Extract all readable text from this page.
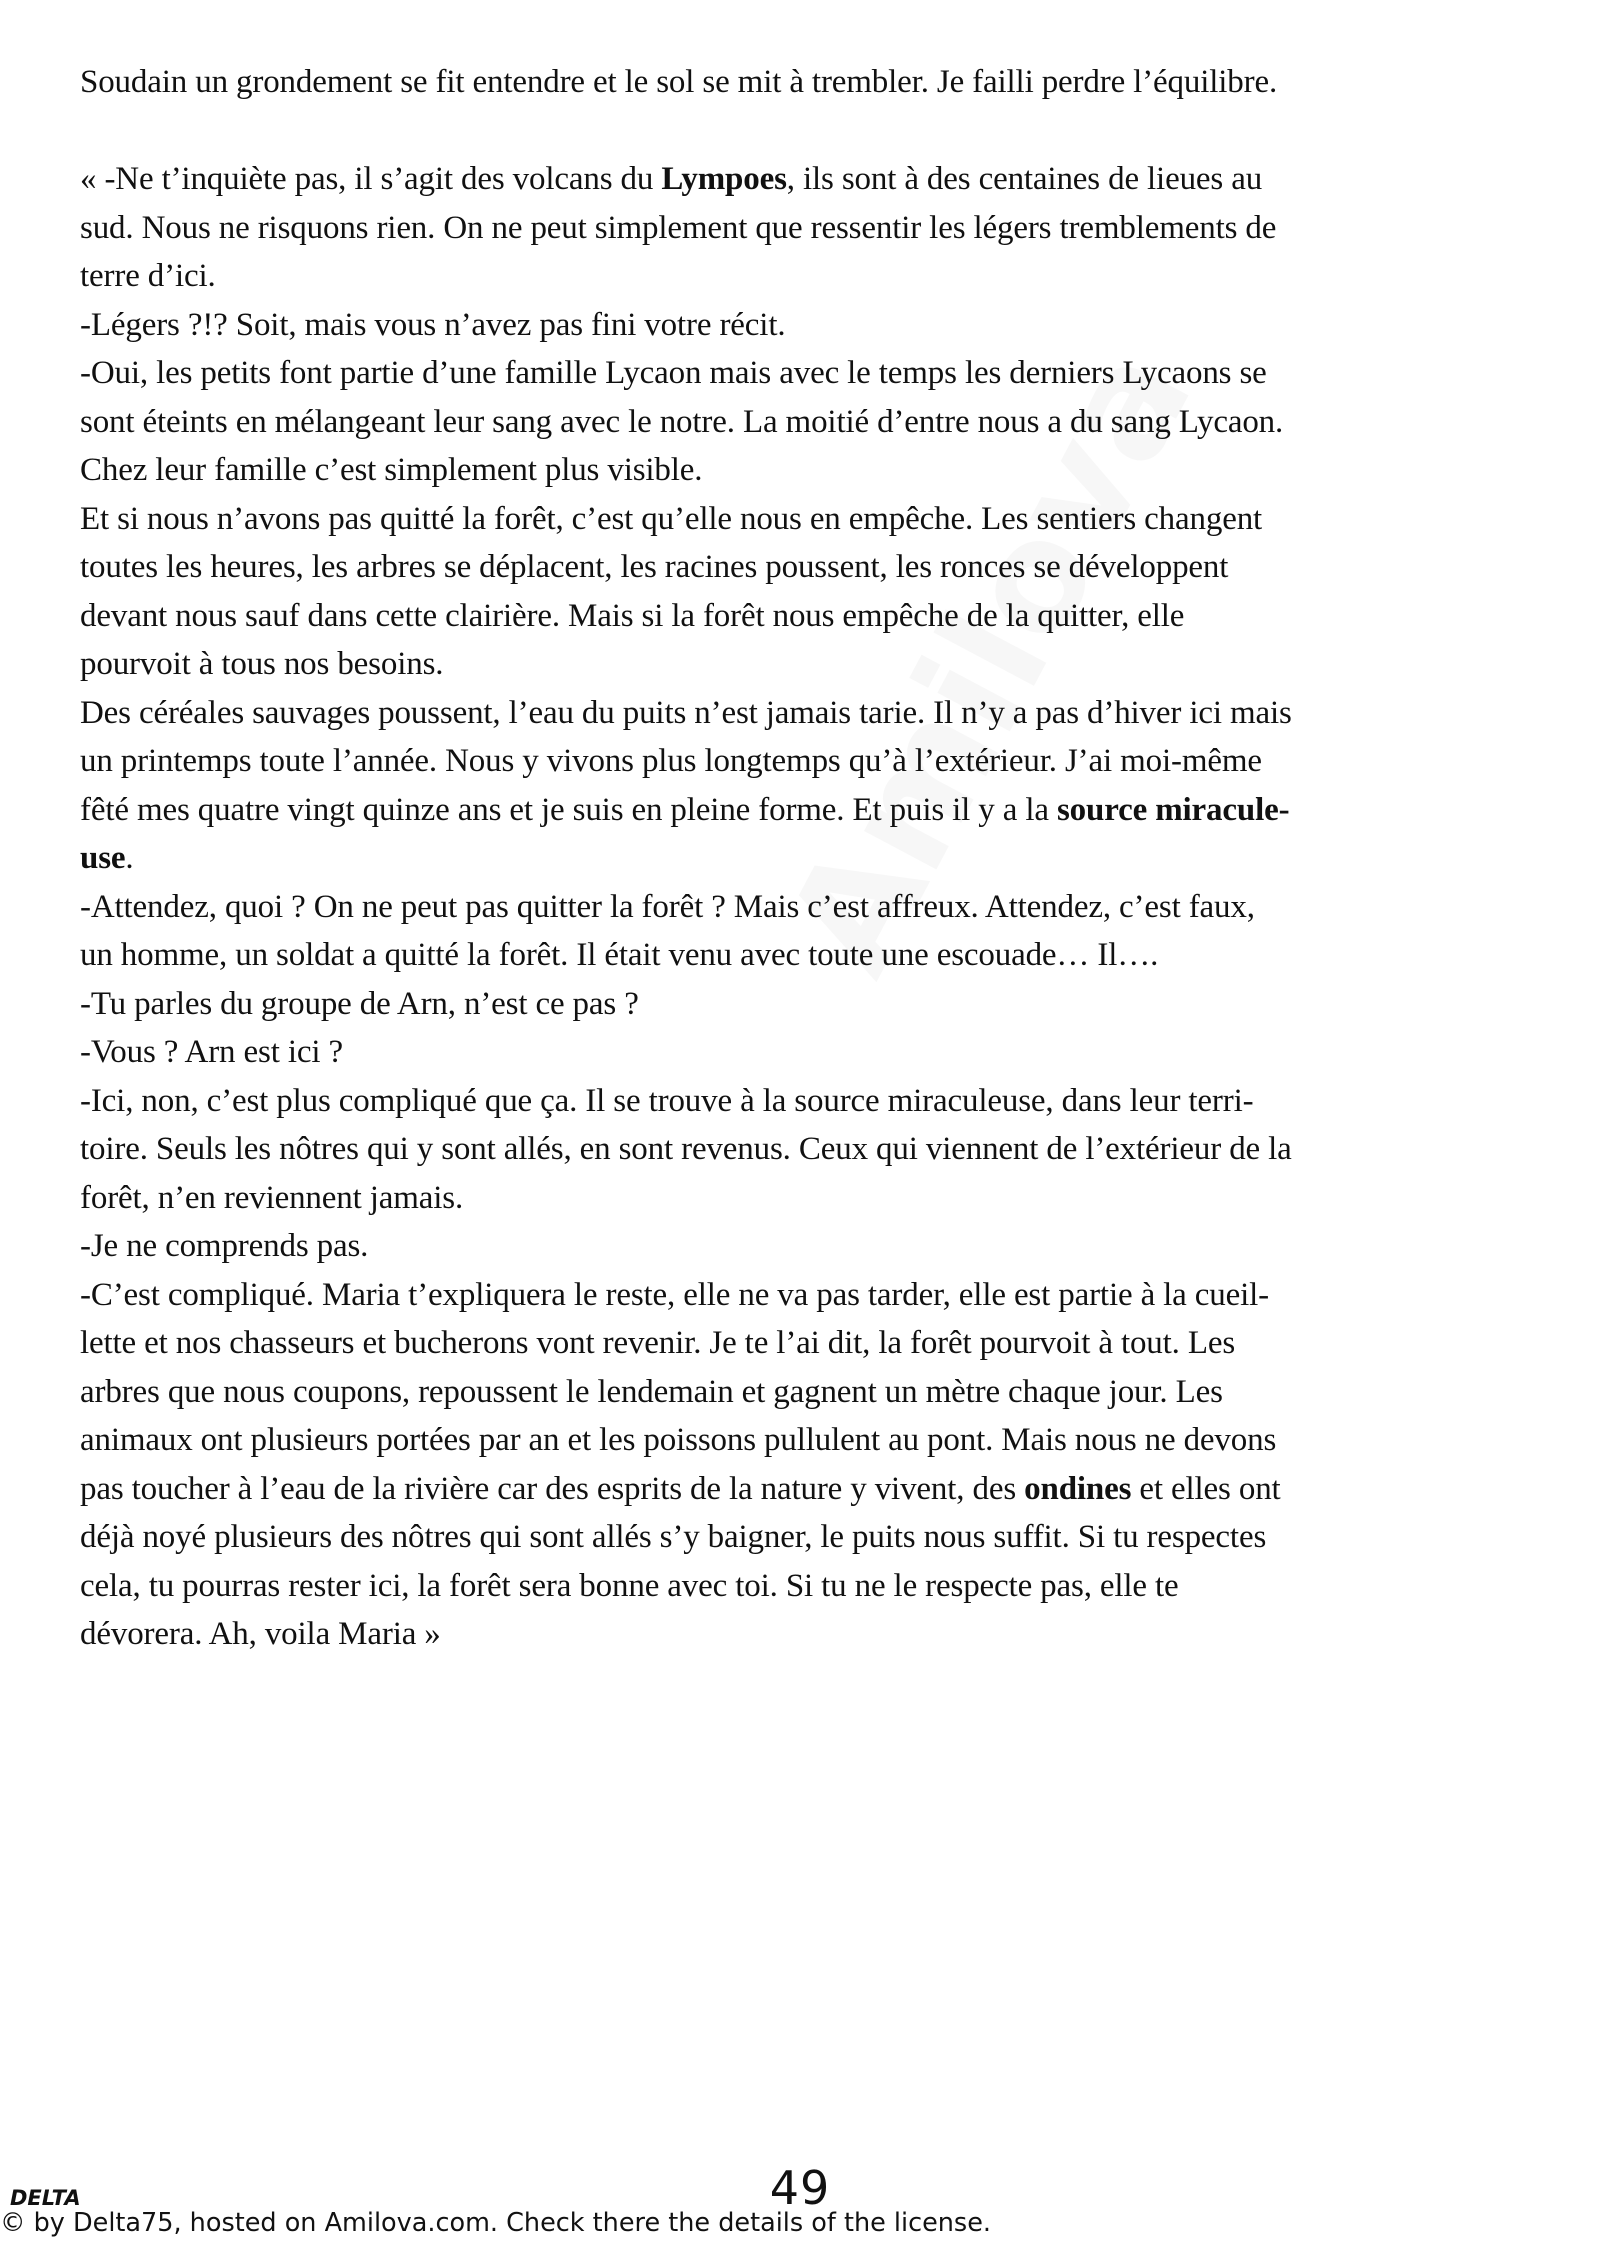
Soudain un grondement se fit entendre et le sol se mit à trembler. Je failli perdre l’équilibre.
« -Ne t’inquiète pas, il s’agit des volcans du Lympoes, ils sont à des centaines de lieues au
sud. Nous ne risquons rien. On ne peut simplement que ressentir les légers tremblements de
terre d’ici.
-Légers ?!? Soit, mais vous n’avez pas fini votre récit.
-Oui, les petits font partie d’une famille Lycaon mais avec le temps les derniers Lycaons se
sont éteints en mélangeant leur sang avec le notre. La moitié d’entre nous a du sang Lycaon.
Chez leur famille c’est simplement plus visible.
Et si nous n’avons pas quitté la forêt, c’est qu’elle nous en empêche. Les sentiers changent
toutes les heures, les arbres se déplacent, les racines poussent, les ronces se développent
devant nous sauf dans cette clairière. Mais si la forêt nous empêche de la quitter, elle
pourvoit à tous nos besoins.
Des céréales sauvages poussent, l’eau du puits n’est jamais tarie. Il n’y a pas d’hiver ici mais
un printemps toute l’année. Nous y vivons plus longtemps qu’à l’extérieur. J’ai moi-même
fêté mes quatre vingt quinze ans et je suis en pleine forme. Et puis il y a la source miracule-
use.
-Attendez, quoi ? On ne peut pas quitter la forêt ? Mais c’est affreux. Attendez, c’est faux,
un homme, un soldat a quitté la forêt. Il était venu avec toute une escouade… Il….
-Tu parles du groupe de Arn, n’est ce pas ?
-Vous ? Arn est ici ?
-Ici, non, c’est plus compliqué que ça. Il se trouve à la source miraculeuse, dans leur terri-
toire. Seuls les nôtres qui y sont allés, en sont revenus. Ceux qui viennent de l’extérieur de la
forêt, n’en reviennent jamais.
-Je ne comprends pas.
-C’est compliqué. Maria t’expliquera le reste, elle ne va pas tarder, elle est partie à la cueil-
lette et nos chasseurs et bucherons vont revenir. Je te l’ai dit, la forêt pourvoit à tout. Les
arbres que nous coupons, repoussent le lendemain et gagnent un mètre chaque jour. Les
animaux ont plusieurs portées par an et les poissons pullulent au pont. Mais nous ne devons
pas toucher à l’eau de la rivière car des esprits de la nature y vivent, des ondines et elles ont
déjà noyé plusieurs des nôtres qui sont allés s’y baigner, le puits nous suffit. Si tu respectes
cela, tu pourras rester ici, la forêt sera bonne avec toi. Si tu ne le respecte pas, elle te
dévorera. Ah, voila Maria »
DELTA	49
© by Delta75, hosted on Amilova.com. Check there the details of the license.
